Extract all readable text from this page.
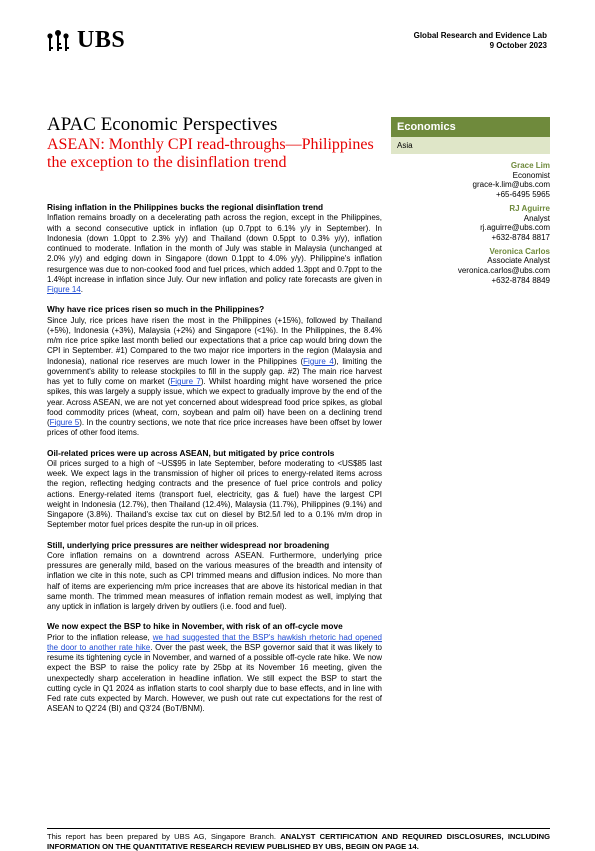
UBS	Global Research and Evidence Lab
9 October 2023
APAC Economic Perspectives
ASEAN: Monthly CPI read-throughs—Philippines the exception to the disinflation trend
Economics
Asia
Grace Lim
Economist
grace-k.lim@ubs.com
+65-6495 5965
RJ Aguirre
Analyst
rj.aguirre@ubs.com
+632-8784 8817
Veronica Carlos
Associate Analyst
veronica.carlos@ubs.com
+632-8784 8849
Rising inflation in the Philippines bucks the regional disinflation trend
Inflation remains broadly on a decelerating path across the region, except in the Philippines, with a second consecutive uptick in inflation (up 0.7ppt to 6.1% y/y in September). In Indonesia (down 1.0ppt to 2.3% y/y) and Thailand (down 0.5ppt to 0.3% y/y), inflation continued to moderate. Inflation in the month of July was stable in Malaysia (unchanged at 2.0% y/y) and edging down in Singapore (down 0.1ppt to 4.0% y/y). Philippine's inflation resurgence was due to non-cooked food and fuel prices, which added 1.3ppt and 0.7ppt to the 1.4%pt increase in inflation since July. Our new inflation and policy rate forecasts are given in Figure 14.
Why have rice prices risen so much in the Philippines?
Since July, rice prices have risen the most in the Philippines (+15%), followed by Thailand (+5%), Indonesia (+3%), Malaysia (+2%) and Singapore (<1%). In the Philippines, the 8.4% m/m rice price spike last month belied our expectations that a price cap would bring down the CPI in September. #1) Compared to the two major rice importers in the region (Malaysia and Indonesia), national rice reserves are much lower in the Philippines (Figure 4), limiting the government's ability to release stockpiles to fill in the supply gap. #2) The main rice harvest has yet to fully come on market (Figure 7). Whilst hoarding might have worsened the price spikes, this was largely a supply issue, which we expect to gradually improve by the end of the year. Across ASEAN, we are not yet concerned about widespread food price spikes, as global food commodity prices (wheat, corn, soybean and palm oil) have been on a declining trend (Figure 5). In the country sections, we note that rice price increases have been offset by lower prices of other food items.
Oil-related prices were up across ASEAN, but mitigated by price controls
Oil prices surged to a high of ~US$95 in late September, before moderating to <US$85 last week. We expect lags in the transmission of higher oil prices to energy-related items across the region, reflecting hedging contracts and the presence of fuel price controls and policy actions. Energy-related items (transport fuel, electricity, gas & fuel) have the largest CPI weight in Indonesia (12.7%), then Thailand (12.4%), Malaysia (11.7%), Philippines (9.1%) and Singapore (3.8%). Thailand's excise tax cut on diesel by Bt2.5/l led to a 0.1% m/m drop in September motor fuel prices despite the run-up in oil prices.
Still, underlying price pressures are neither widespread nor broadening
Core inflation remains on a downtrend across ASEAN. Furthermore, underlying price pressures are generally mild, based on the various measures of the breadth and intensity of inflation we cite in this note, such as CPI trimmed means and diffusion indices. No more than half of items are experiencing m/m price increases that are above its historical median in that same month. The trimmed mean measures of inflation remain modest as well, implying that any uptick in inflation is largely driven by outliers (i.e. food and fuel).
We now expect the BSP to hike in November, with risk of an off-cycle move
Prior to the inflation release, we had suggested that the BSP's hawkish rhetoric had opened the door to another rate hike. Over the past week, the BSP governor said that it was likely to resume its tightening cycle in November, and warned of a possible off-cycle rate hike. We now expect the BSP to raise the policy rate by 25bp at its November 16 meeting, given the unexpectedly sharp acceleration in headline inflation. We still expect the BSP to start the cutting cycle in Q1 2024 as inflation starts to cool sharply due to base effects, and in line with Fed rate cuts expected by March. However, we push out rate cut expectations for the rest of ASEAN to Q2'24 (BI) and Q3'24 (BoT/BNM).
This report has been prepared by UBS AG, Singapore Branch. ANALYST CERTIFICATION AND REQUIRED DISCLOSURES, INCLUDING INFORMATION ON THE QUANTITATIVE RESEARCH REVIEW PUBLISHED BY UBS, BEGIN ON PAGE 14.
